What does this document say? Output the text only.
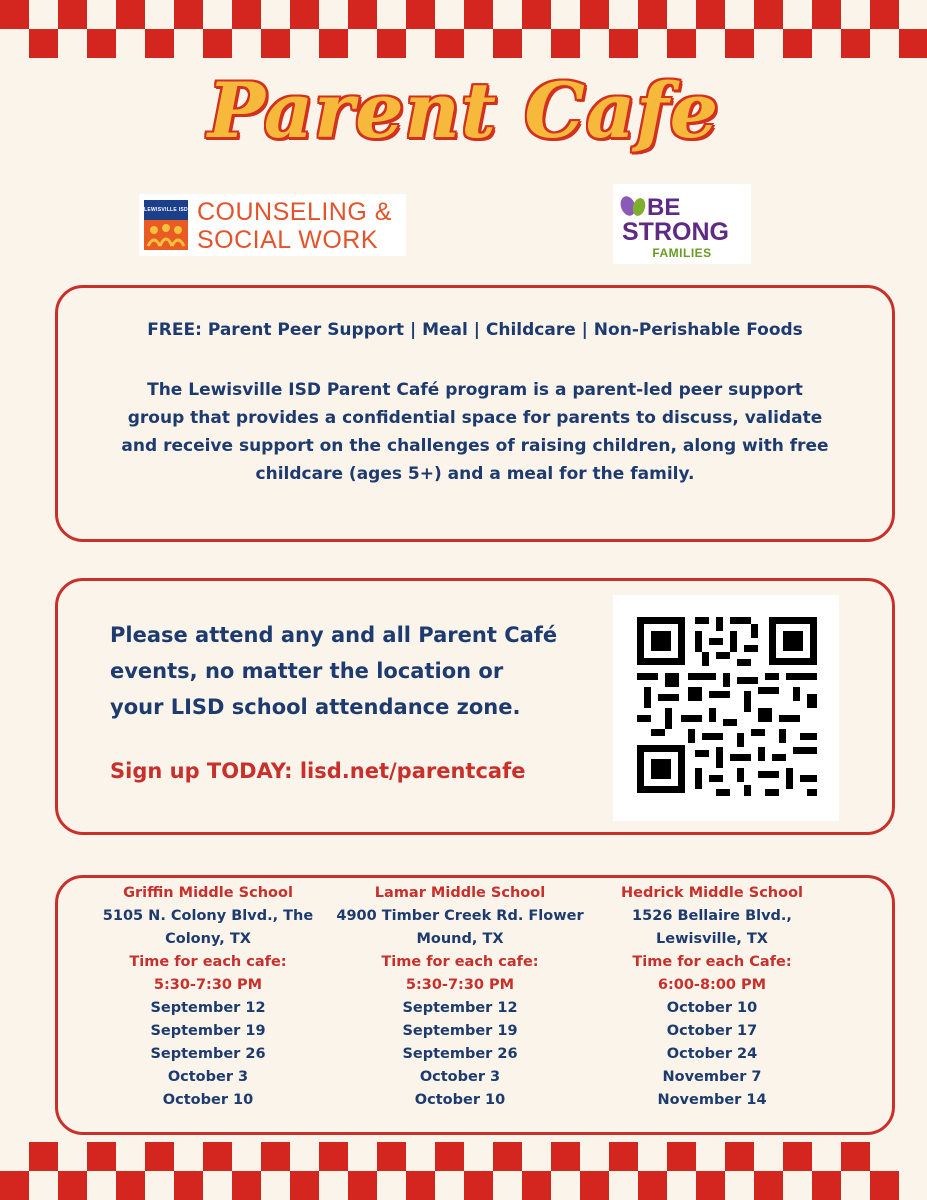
Parent Cafe
LEWISVILLE ISD COUNSELING &
SOCIAL WORK
BE
STRONG
FAMILIES
FREE: Parent Peer Support | Meal | Childcare | Non-Perishable Foods
The Lewisville ISD Parent Café program is a parent-led peer support group that provides a confidential space for parents to discuss, validate and receive support on the challenges of raising children, along with free childcare (ages 5+) and a meal for the family.
Please attend any and all Parent Café events, no matter the location or your LISD school attendance zone.
Sign up TODAY: lisd.net/parentcafe
Griffin Middle School
5105 N. Colony Blvd., The
Colony, TX
Time for each cafe:
5:30-7:30 PM
September 12
September 19
September 26
October 3
October 10
Lamar Middle School
4900 Timber Creek Rd. Flower
Mound, TX
Time for each cafe:
5:30-7:30 PM
September 12
September 19
September 26
October 3
October 10
Hedrick Middle School
1526 Bellaire Blvd.,
Lewisville, TX
Time for each Cafe:
6:00-8:00 PM
October 10
October 17
October 24
November 7
November 14
